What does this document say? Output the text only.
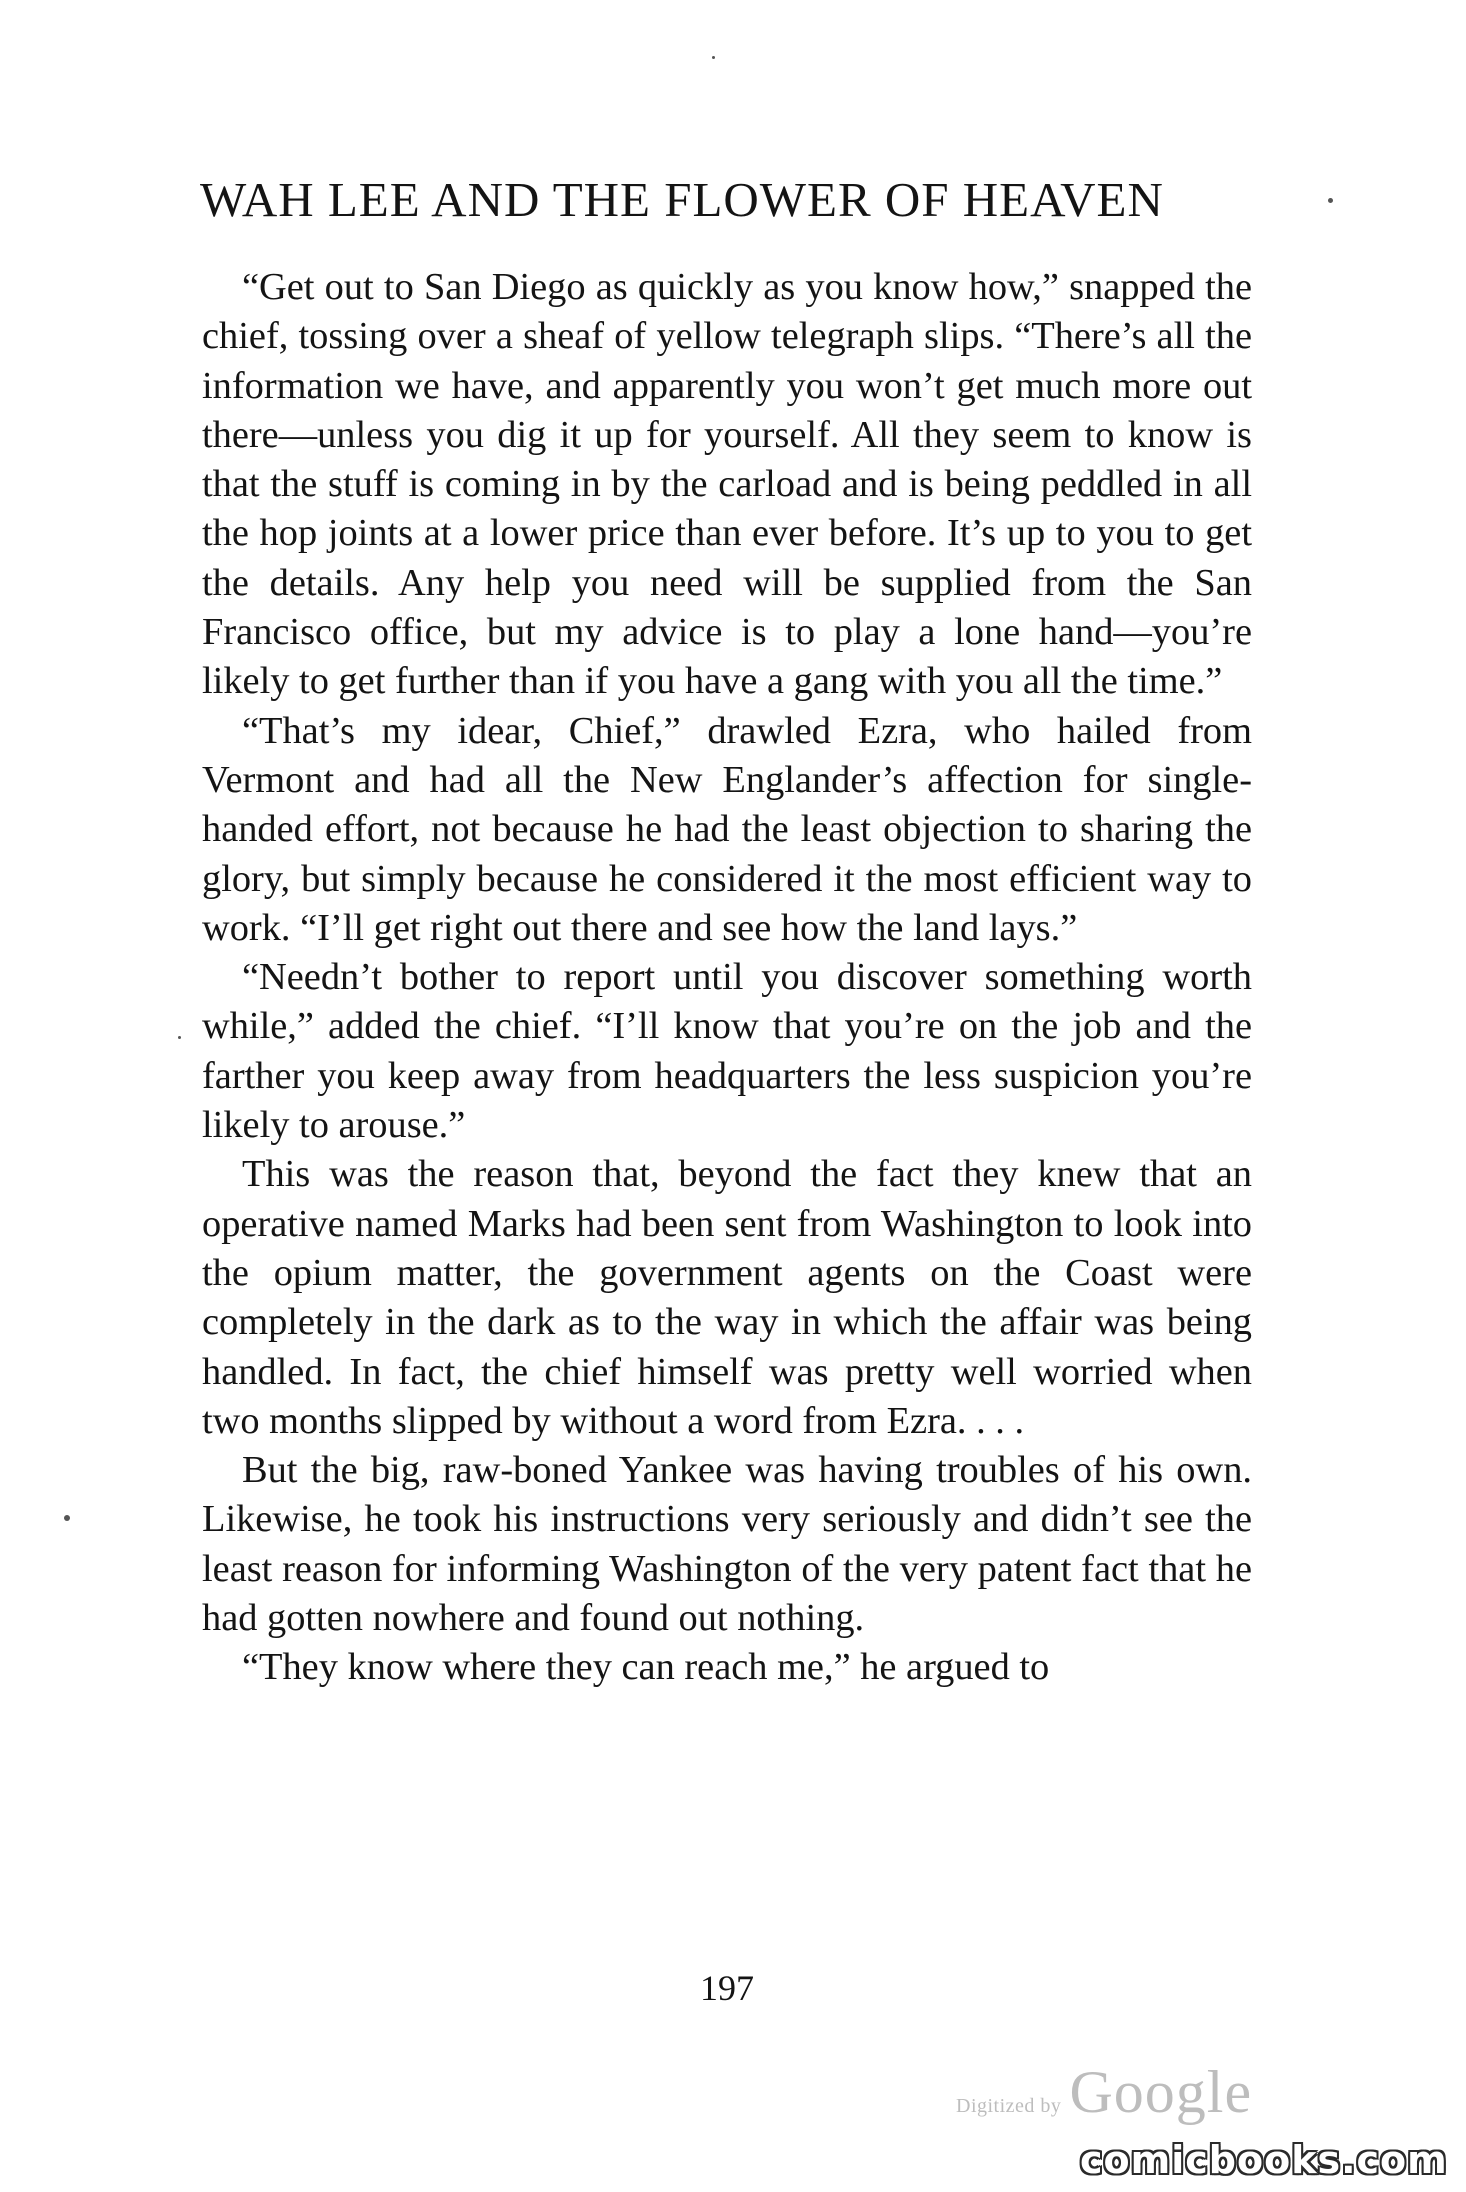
WAH LEE AND THE FLOWER OF HEAVEN

“Get out to San Diego as quickly as you know how,” snapped the chief, tossing over a sheaf of yellow telegraph slips. “There’s all the information we have, and apparently you won’t get much more out there—unless you dig it up for yourself. All they seem to know is that the stuff is coming in by the carload and is being peddled in all the hop joints at a lower price than ever before. It’s up to you to get the details. Any help you need will be supplied from the San Francisco office, but my advice is to play a lone hand—you’re likely to get further than if you have a gang with you all the time.”

“That’s my idear, Chief,” drawled Ezra, who hailed from Vermont and had all the New Englander’s affection for single-handed effort, not because he had the least objection to sharing the glory, but simply because he considered it the most efficient way to work. “I’ll get right out there and see how the land lays.”

“Needn’t bother to report until you discover something worth while,” added the chief. “I’ll know that you’re on the job and the farther you keep away from headquarters the less suspicion you’re likely to arouse.”

This was the reason that, beyond the fact they knew that an operative named Marks had been sent from Washington to look into the opium matter, the government agents on the Coast were completely in the dark as to the way in which the affair was being handled. In fact, the chief himself was pretty well worried when two months slipped by without a word from Ezra. . . .

But the big, raw-boned Yankee was having troubles of his own. Likewise, he took his instructions very seriously and didn’t see the least reason for informing Washington of the very patent fact that he had gotten nowhere and found out nothing.

“They know where they can reach me,” he argued to

197
Digitized by Google
comicbooks.com
